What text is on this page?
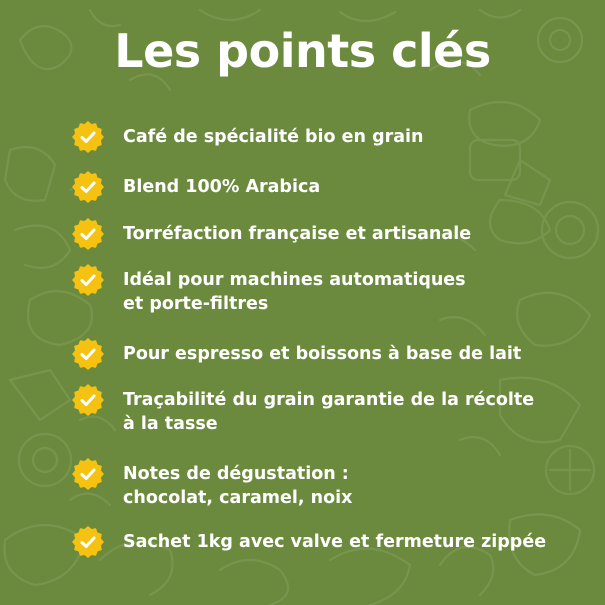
Les points clés
Café de spécialité bio en grain
Blend 100% Arabica
Torréfaction française et artisanale
Idéal pour machines automatiques
et porte-filtres
Pour espresso et boissons à base de lait
Traçabilité du grain garantie de la récolte
à la tasse
Notes de dégustation :
chocolat, caramel, noix
Sachet 1kg avec valve et fermeture zippée
